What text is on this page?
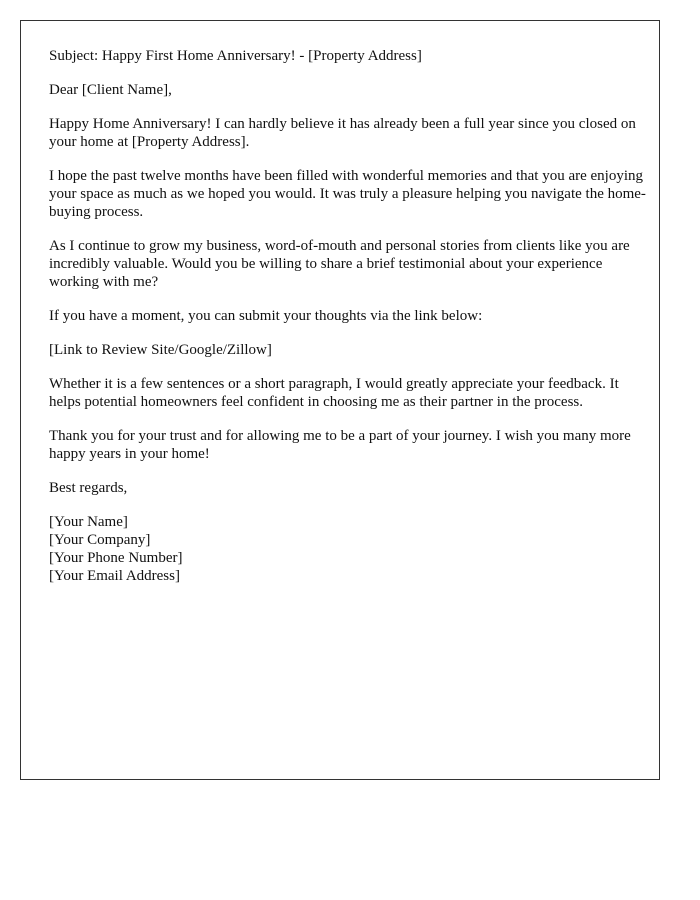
Subject: Happy First Home Anniversary! - [Property Address]

Dear [Client Name],

Happy Home Anniversary! I can hardly believe it has already been a full year since you closed on your home at [Property Address].

I hope the past twelve months have been filled with wonderful memories and that you are enjoying your space as much as we hoped you would. It was truly a pleasure helping you navigate the home-buying process.

As I continue to grow my business, word-of-mouth and personal stories from clients like you are incredibly valuable. Would you be willing to share a brief testimonial about your experience working with me?

If you have a moment, you can submit your thoughts via the link below:

[Link to Review Site/Google/Zillow]

Whether it is a few sentences or a short paragraph, I would greatly appreciate your feedback. It helps potential homeowners feel confident in choosing me as their partner in the process.

Thank you for your trust and for allowing me to be a part of your journey. I wish you many more happy years in your home!

Best regards,

[Your Name]
[Your Company]
[Your Phone Number]
[Your Email Address]
